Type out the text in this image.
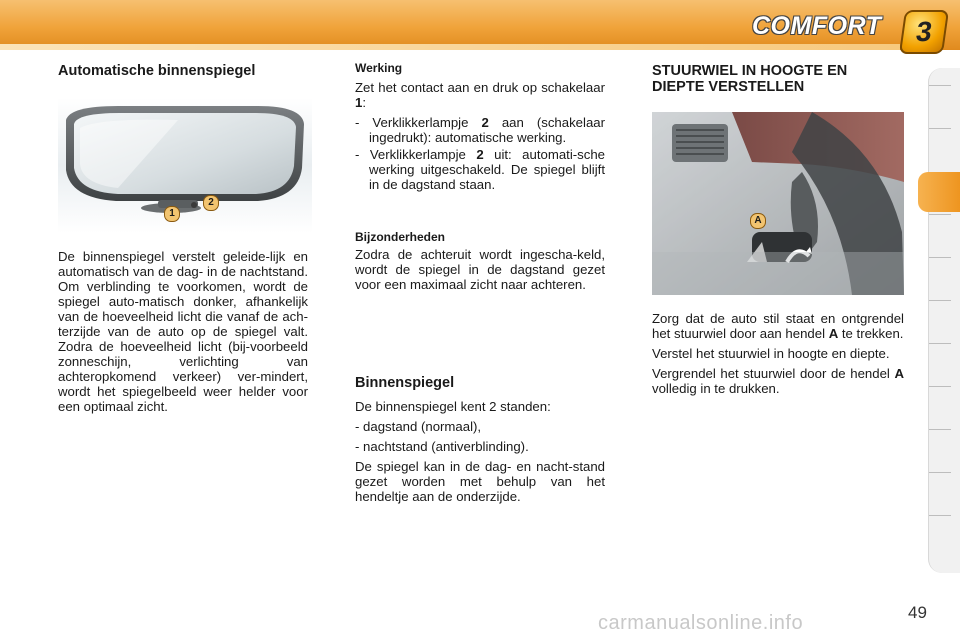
COMFORT	3
Automatische binnenspiegel
1
2

De binnenspiegel verstelt geleide-lijk en automatisch van de dag- in de nachtstand. Om verblinding te voorkomen, wordt de spiegel auto-matisch donker, afhankelijk van de hoeveelheid licht die vanaf de ach-terzijde van de auto op de spiegel valt. Zodra de hoeveelheid licht (bij-voorbeeld zonneschijn, verlichting van achteropkomend verkeer) ver-mindert, wordt het spiegelbeeld weer helder voor een optimaal zicht.

Werking

Zet het contact aan en druk op schakelaar 1:

- Verklikkerlampje 2 aan (schakelaar ingedrukt): automatische werking.
- Verklikkerlampje 2 uit: automati-sche werking uitgeschakeld. De spiegel blijft in de dagstand staan.
Bijzonderheden

Zodra de achteruit wordt ingescha-keld, wordt de spiegel in de dagstand gezet voor een maximaal zicht naar achteren.

Binnenspiegel

De binnenspiegel kent 2 standen:

- dagstand (normaal),
- nachtstand (antiverblinding).

De spiegel kan in de dag- en nacht-stand gezet worden met behulp van het hendeltje aan de onderzijde.

STUURWIEL IN HOOGTE EN DIEPTE VERSTELLEN
A

Zorg dat de auto stil staat en ontgrendel het stuurwiel door aan hendel A te trekken.

Verstel het stuurwiel in hoogte en diepte.

Vergrendel het stuurwiel door de hendel A volledig in te drukken.

carmanualsonline.info	49
